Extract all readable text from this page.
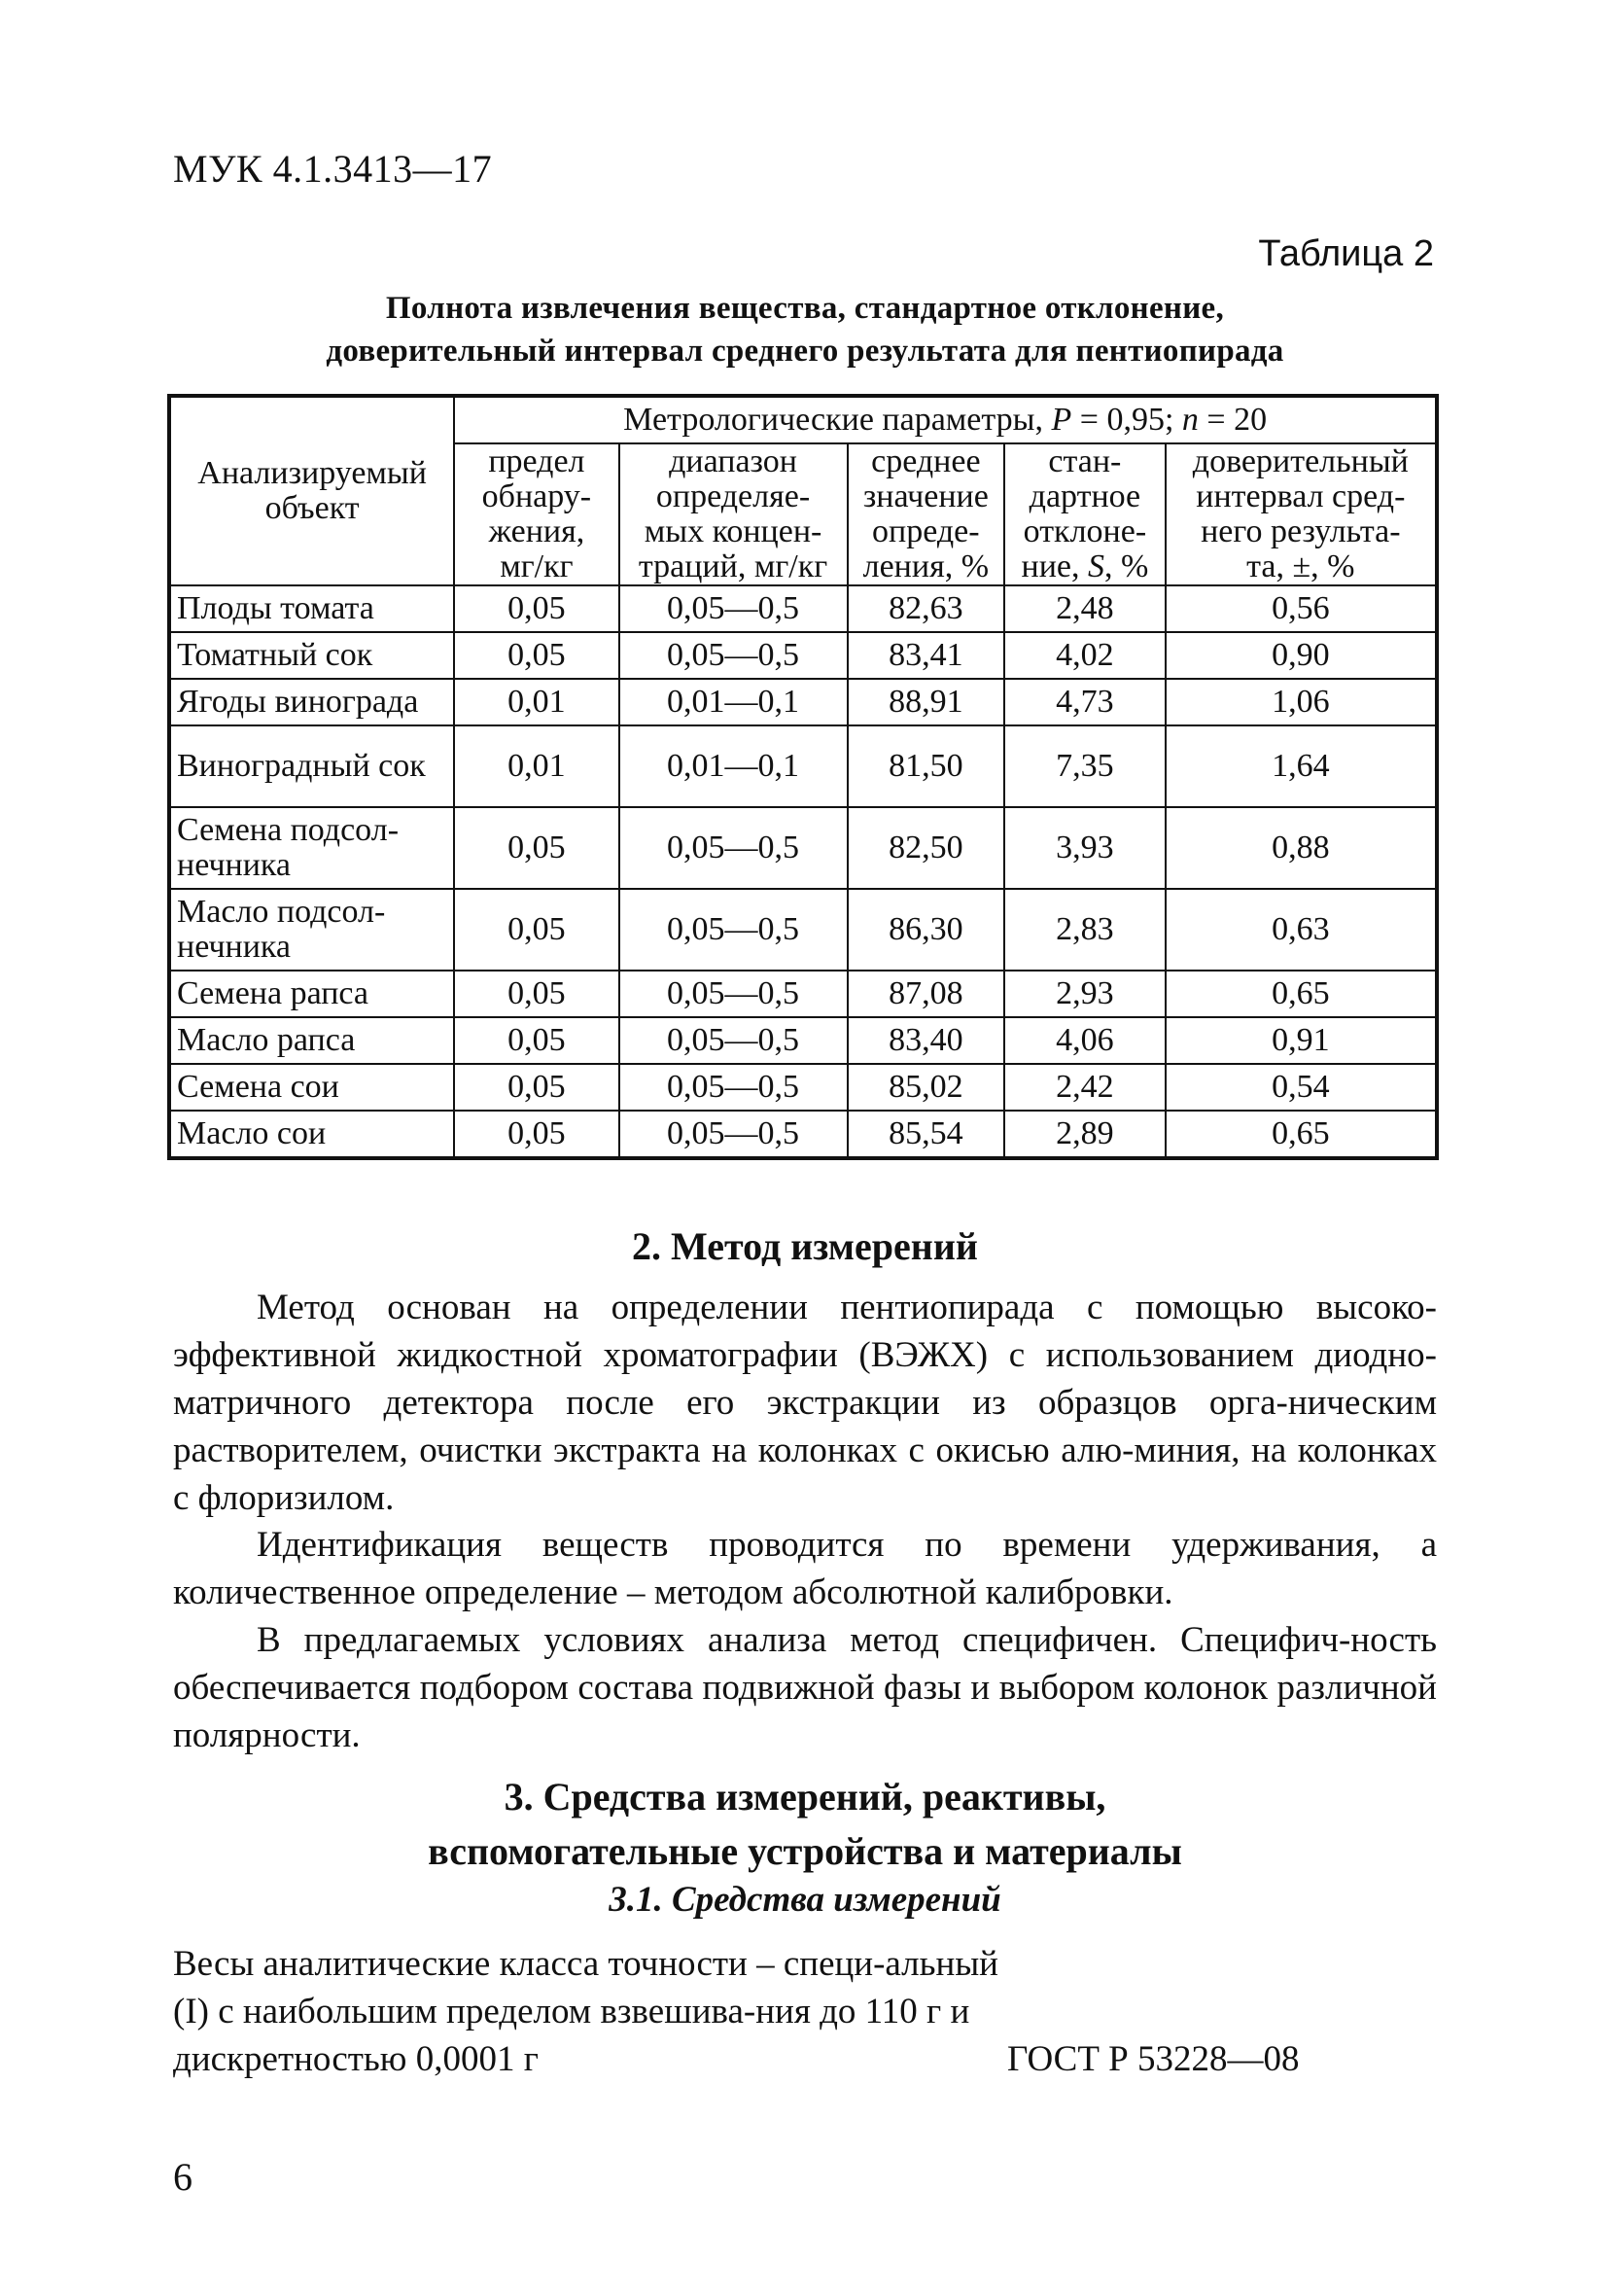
МУК 4.1.3413—17
Таблица 2
Полнота извлечения вещества, стандартное отклонение,
доверительный интервал среднего результата для пентиопирада
Анализируемый объект	Метрологические параметры, P = 0,95; n = 20				
	предел
обнару-
жения,
мг/кг	диапазон
определяе-
мых концен-
траций, мг/кг	среднее
значение
опреде-
ления, %	стан-
дартное
отклоне-
ние, S, %	доверительный
интервал сред-
него результа-
та, ±, %
Плоды томата	0,05	0,05—0,5	82,63	2,48	0,56
Томатный сок	0,05	0,05—0,5	83,41	4,02	0,90
Ягоды винограда	0,01	0,01—0,1	88,91	4,73	1,06
Виноградный сок	0,01	0,01—0,1	81,50	7,35	1,64
Семена подсол-нечника	0,05	0,05—0,5	82,50	3,93	0,88
Масло подсол-нечника	0,05	0,05—0,5	86,30	2,83	0,63
Семена рапса	0,05	0,05—0,5	87,08	2,93	0,65
Масло рапса	0,05	0,05—0,5	83,40	4,06	0,91
Семена сои	0,05	0,05—0,5	85,02	2,42	0,54
Масло сои	0,05	0,05—0,5	85,54	2,89	0,65
2. Метод измерений

Метод основан на определении пентиопирада с помощью высоко-эффективной жидкостной хроматографии (ВЭЖХ) с использованием диодно-матричного детектора после его экстракции из образцов орга-ническим растворителем, очистки экстракта на колонках с окисью алю-миния, на колонках с флоризилом.

Идентификация веществ проводится по времени удерживания, а количественное определение – методом абсолютной калибровки.

В предлагаемых условиях анализа метод специфичен. Специфич-ность обеспечивается подбором состава подвижной фазы и выбором колонок различной полярности.

3. Средства измерений, реактивы,
вспомогательные устройства и материалы
3.1. Средства измерений

Весы аналитические класса точности – специ-альный (I) с наибольшим пределом взвешива-ния до 110 г и дискретностью 0,0001 г	ГОСТ Р 53228—08
6
